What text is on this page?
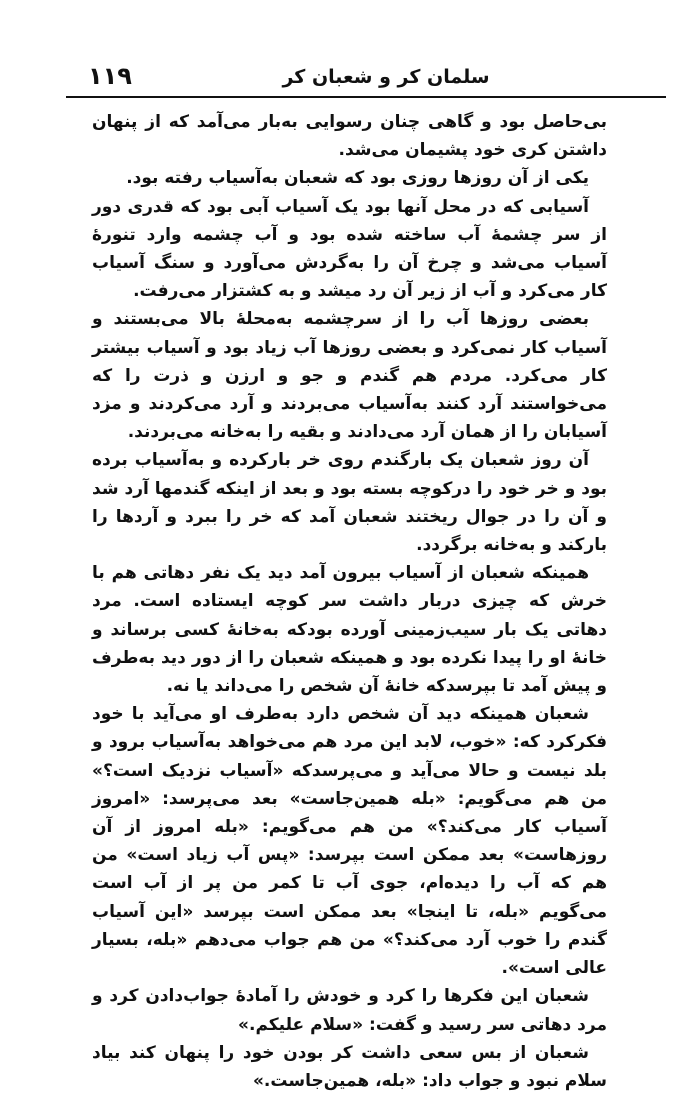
۱۱۹	سلمان کر و شعبان کر

بی‌حاصل بود و گاهی چنان رسوایی به‌بار می‌آمد که از پنهان داشتن کری خود پشیمان می‌شد.

یکی از آن روزها روزی بود که شعبان به‌آسیاب رفته بود.

آسیابی که در محل آنها بود یک آسیاب آبی بود که قدری دور از سر چشمهٔ آب ساخته شده بود و آب چشمه وارد تنورهٔ آسیاب می‌شد و چرخ آن را به‌گردش می‌آورد و سنگ آسیاب کار می‌کرد و آب از زیر آن رد میشد و به کشتزار می‌رفت.

بعضی روزها آب را از سرچشمه به‌محلهٔ بالا می‌بستند و آسیاب کار نمی‌کرد و بعضی روزها آب زیاد بود و آسیاب بیشتر کار می‌کرد. مردم هم گندم و جو و ارزن و ذرت را که می‌خواستند آرد کنند به‌آسیاب می‌بردند و آرد می‌کردند و مزد آسیابان را از همان آرد می‌دادند و بقیه را به‌خانه می‌بردند.

آن روز شعبان یک بارگندم روی خر بارکرده و به‌آسیاب برده بود و خر خود را درکوچه بسته بود و بعد از اینکه گندمها آرد شد و آن را در جوال ریختند شعبان آمد که خر را ببرد و آردها را بارکند و به‌خانه برگردد.

همینکه شعبان از آسیاب بیرون آمد دید یک نفر دهاتی هم با خرش که چیزی دربار داشت سر کوچه ایستاده است. مرد دهاتی یک بار سیب‌زمینی آورده بودکه به‌خانهٔ کسی برساند و خانهٔ او را پیدا نکرده بود و همینکه شعبان را از دور دید به‌طرف و پیش آمد تا بپرسدکه خانهٔ آن شخص را می‌داند یا نه.

شعبان همینکه دید آن شخص دارد به‌طرف او می‌آید با خود فکرکرد که: «خوب، لابد این مرد هم می‌خواهد به‌آسیاب برود و بلد نیست و حالا می‌آید و می‌پرسدکه «آسیاب نزدیک است؟» من هم می‌گویم: «بله همین‌جاست» بعد می‌پرسد: «امروز آسیاب کار می‌کند؟» من هم می‌گویم: «بله امروز از آن روزهاست» بعد ممکن است بپرسد: «پس آب زیاد است» من هم که آب را دیده‌ام، جوی آب تا کمر من پر از آب است می‌گویم «بله، تا اینجا» بعد ممکن است بپرسد «این آسیاب گندم را خوب آرد می‌کند؟» من هم جواب می‌دهم «بله، بسیار عالی است».

شعبان این فکرها را کرد و خودش را آمادهٔ جواب‌دادن کرد و مرد دهاتی سر رسید و گفت: «سلام علیکم.»

شعبان از بس سعی داشت کر بودن خود را پنهان کند بیاد سلام نبود و جواب داد: «بله، همین‌جاست.»
